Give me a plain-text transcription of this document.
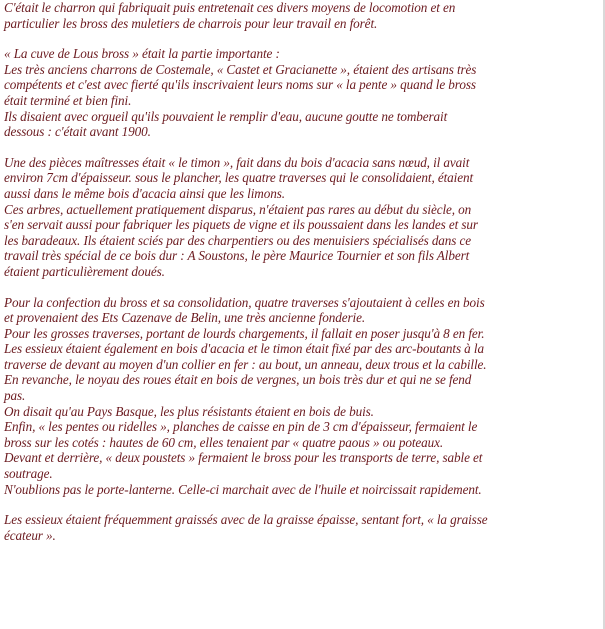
C'était le charron qui fabriquait puis entretenait ces divers moyens de locomotion et en
particulier les bross des muletiers de charrois pour leur travail en forêt.

« La cuve de Lous bross » était la partie importante :
Les très anciens charrons de Costemale, « Castet et Gracianette », étaient des artisans très
compétents et c'est avec fierté qu'ils inscrivaient leurs noms sur « la pente » quand le bross
était terminé et bien fini.
Ils disaient avec orgueil qu'ils pouvaient le remplir d'eau, aucune goutte ne tomberait
dessous : c'était avant 1900.

Une des pièces maîtresses était « le timon », fait dans du bois d'acacia sans nœud, il avait
environ 7cm d'épaisseur. sous le plancher, les quatre traverses qui le consolidaient, étaient
aussi dans le même bois d'acacia ainsi que les limons.
Ces arbres, actuellement pratiquement disparus, n'étaient pas rares au début du siècle, on
s'en servait aussi pour fabriquer les piquets de vigne et ils poussaient dans les landes et sur
les baradeaux. Ils étaient sciés par des charpentiers ou des menuisiers spécialisés dans ce
travail très spécial de ce bois dur : A Soustons, le père Maurice Tournier et son fils Albert
étaient particulièrement doués.

Pour la confection du bross et sa consolidation, quatre traverses s'ajoutaient à celles en bois
et provenaient des Ets Cazenave de Belin, une très ancienne fonderie.
Pour les grosses traverses, portant de lourds chargements, il fallait en poser jusqu'à 8 en fer.
Les essieux étaient également en bois d'acacia et le timon était fixé par des arc-boutants à la
traverse de devant au moyen d'un collier en fer : au bout, un anneau, deux trous et la cabille.
En revanche, le noyau des roues était en bois de vergnes, un bois très dur et qui ne se fend
pas.
On disait qu'au Pays Basque, les plus résistants étaient en bois de buis.
Enfin, « les pentes ou ridelles », planches de caisse en pin de 3 cm d'épaisseur, fermaient le
bross sur les cotés : hautes de 60 cm, elles tenaient par « quatre paous » ou poteaux.
Devant et derrière, « deux poustets » fermaient le bross pour les transports de terre, sable et
soutrage.
N'oublions pas le porte-lanterne. Celle-ci marchait avec de l'huile et noircissait rapidement.

Les essieux étaient fréquemment graissés avec de la graisse épaisse, sentant fort, « la graisse
écateur ».
